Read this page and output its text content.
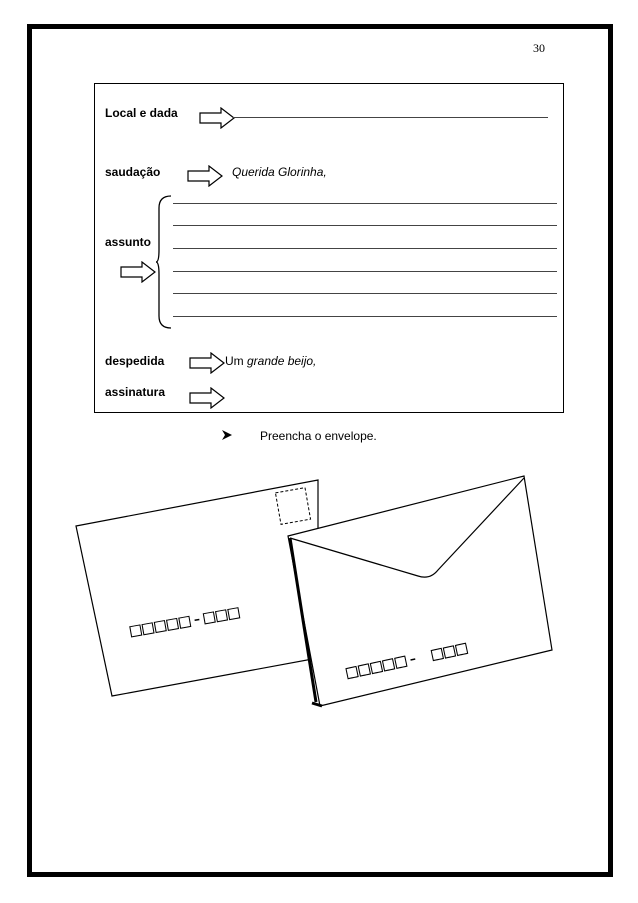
30
Local e dada
saudação	Querida Glorinha,
assunto
despedida	Um grande beijo,
assinatura
Preencha o envelope.
□□□□□-□□□
□□□□□- □□□
